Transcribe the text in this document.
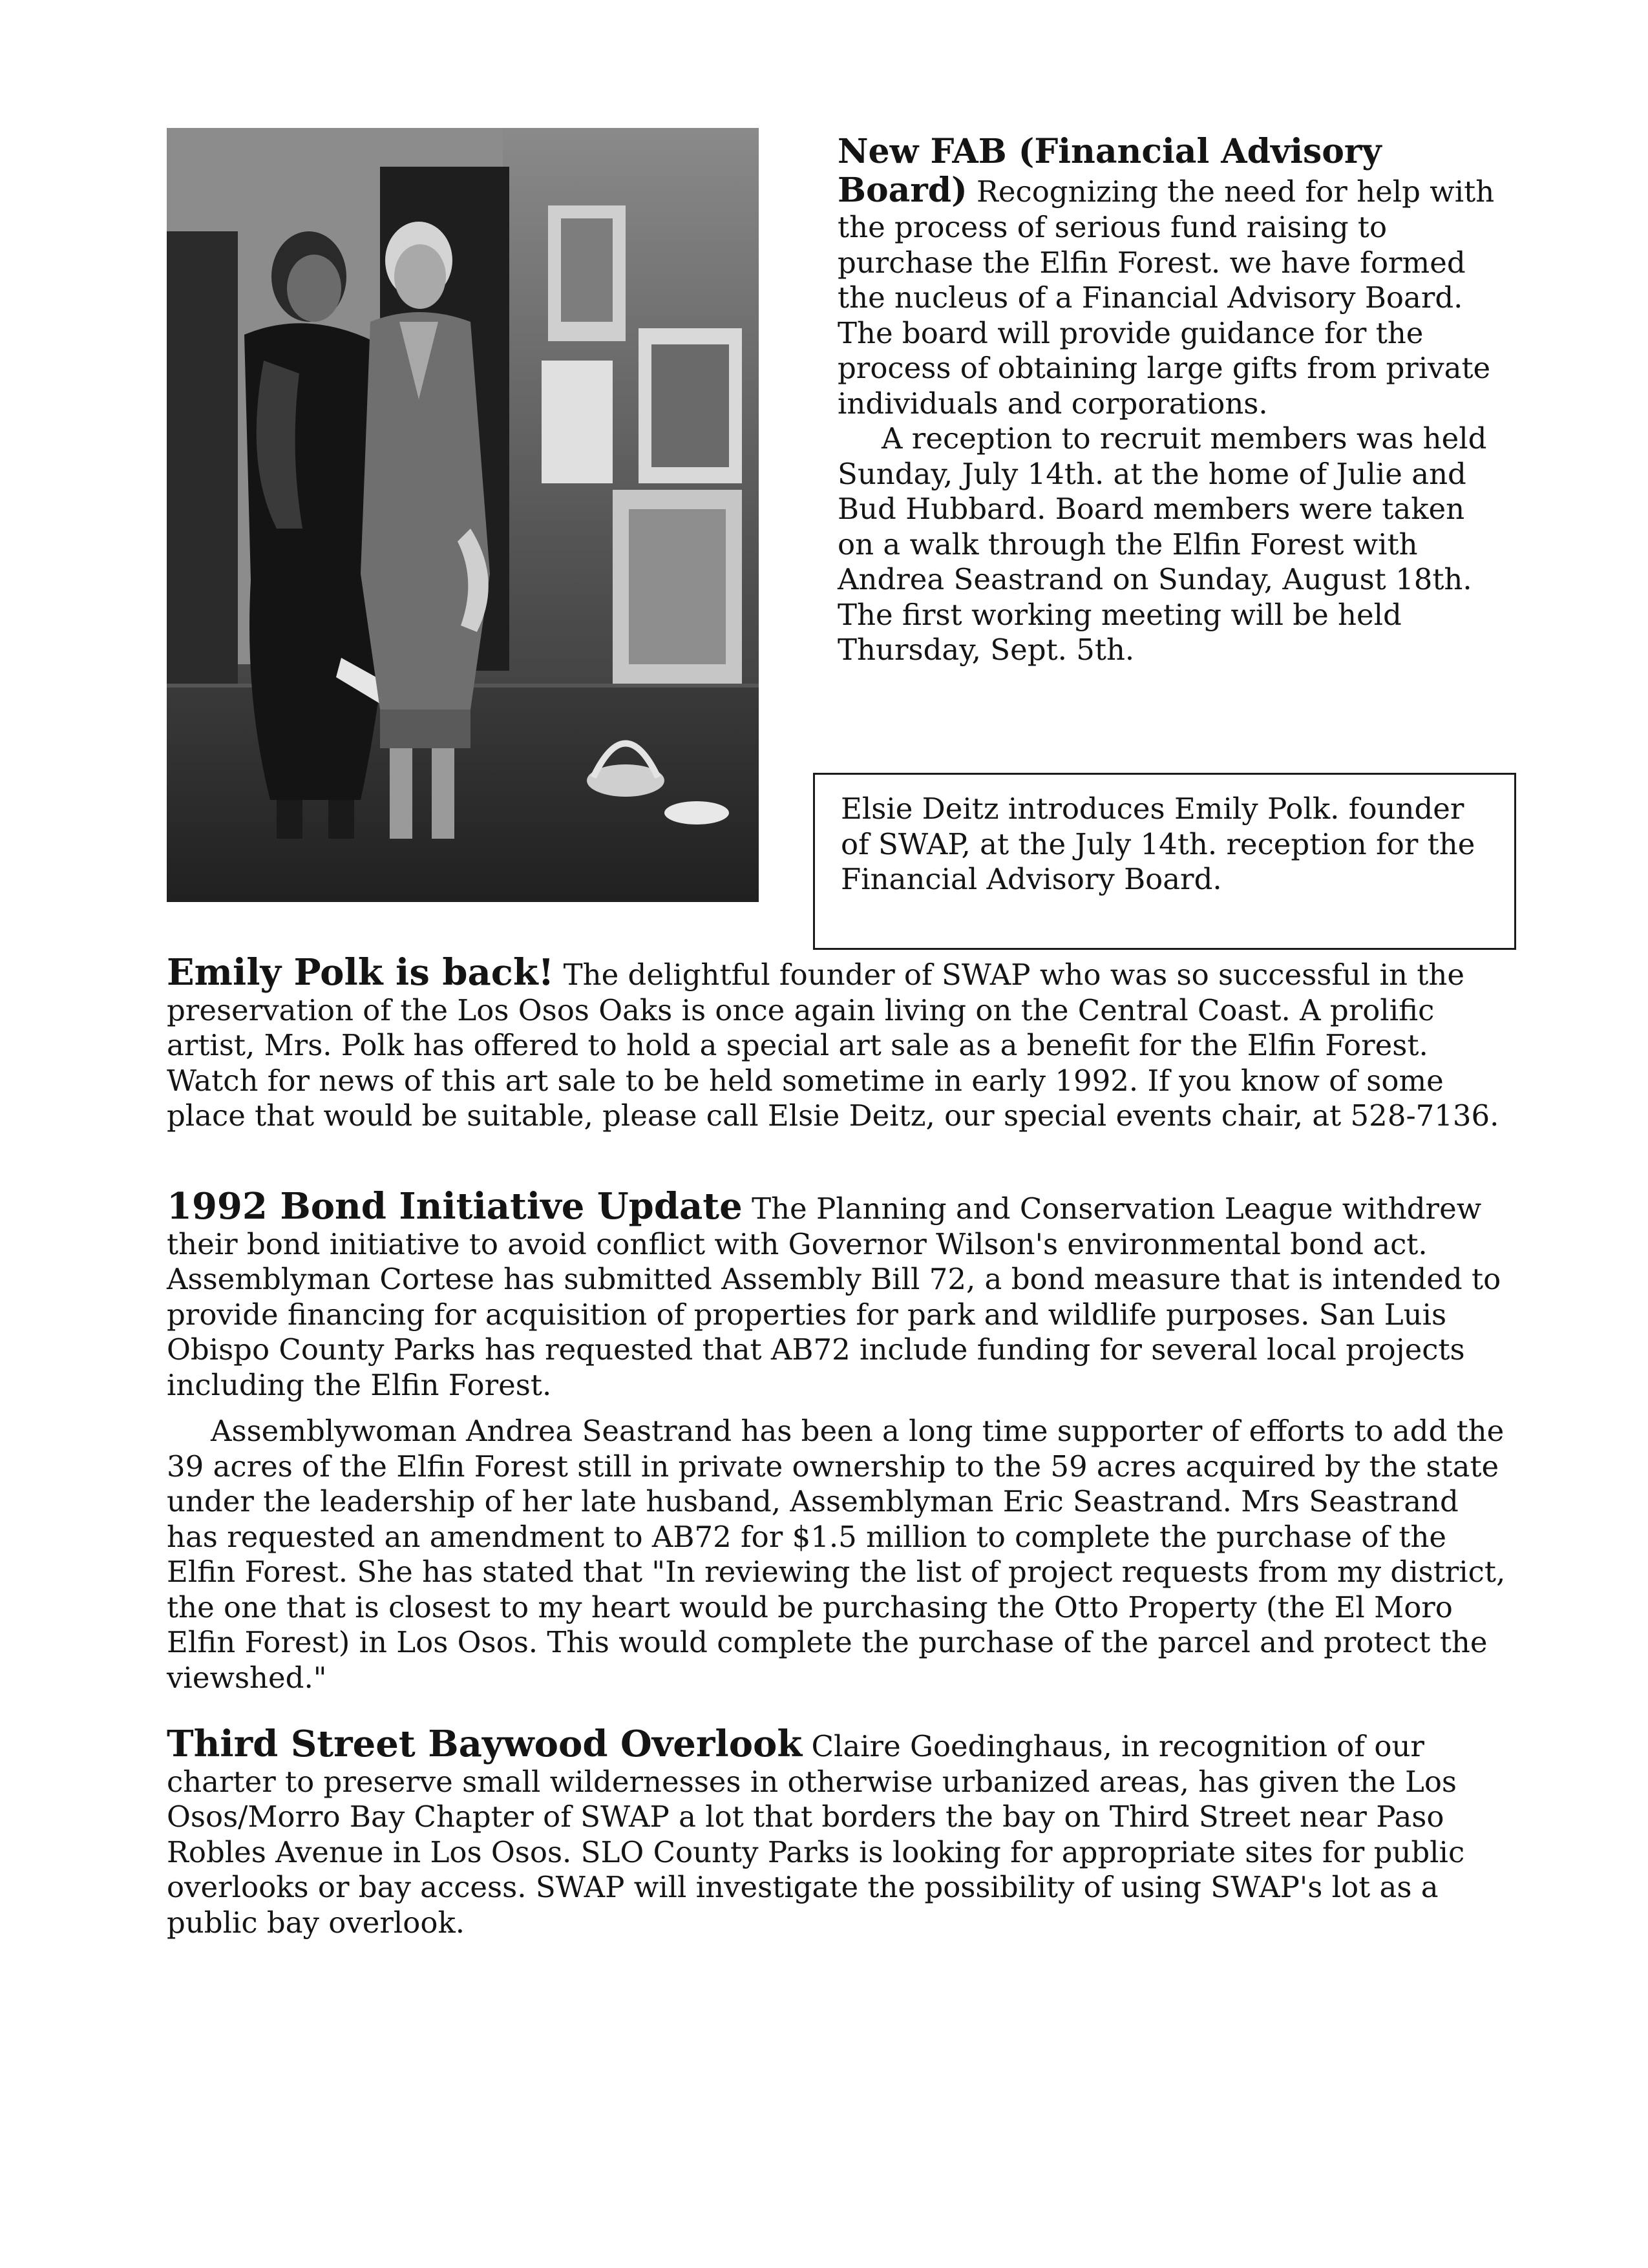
New FAB (Financial Advisory
Board) Recognizing the need for help with the process of serious fund raising to purchase the Elfin Forest. we have formed the nucleus of a Financial Advisory Board. The board will provide guidance for the process of obtaining large gifts from private individuals and corporations.
A reception to recruit members was held Sunday, July 14th. at the home of Julie and Bud Hubbard. Board members were taken on a walk through the Elfin Forest with Andrea Seastrand on Sunday, August 18th. The first working meeting will be held Thursday, Sept. 5th.

Elsie Deitz introduces Emily Polk. founder of SWAP, at the July 14th. reception for the Financial Advisory Board.

Emily Polk is back! The delightful founder of SWAP who was so successful in the preservation of the Los Osos Oaks is once again living on the Central Coast. A prolific artist, Mrs. Polk has offered to hold a special art sale as a benefit for the Elfin Forest. Watch for news of this art sale to be held sometime in early 1992. If you know of some place that would be suitable, please call Elsie Deitz, our special events chair, at 528-7136.

1992 Bond Initiative Update The Planning and Conservation League withdrew their bond initiative to avoid conflict with Governor Wilson's environmental bond act. Assemblyman Cortese has submitted Assembly Bill 72, a bond measure that is intended to provide financing for acquisition of properties for park and wildlife purposes. San Luis Obispo County Parks has requested that AB72 include funding for several local projects including the Elfin Forest.

Assemblywoman Andrea Seastrand has been a long time supporter of efforts to add the 39 acres of the Elfin Forest still in private ownership to the 59 acres acquired by the state under the leadership of her late husband, Assemblyman Eric Seastrand. Mrs Seastrand has requested an amendment to AB72 for $1.5 million to complete the purchase of the Elfin Forest. She has stated that "In reviewing the list of project requests from my district, the one that is closest to my heart would be purchasing the Otto Property (the El Moro Elfin Forest) in Los Osos. This would complete the purchase of the parcel and protect the viewshed."

Third Street Baywood Overlook Claire Goedinghaus, in recognition of our charter to preserve small wildernesses in otherwise urbanized areas, has given the Los Osos/Morro Bay Chapter of SWAP a lot that borders the bay on Third Street near Paso Robles Avenue in Los Osos. SLO County Parks is looking for appropriate sites for public overlooks or bay access. SWAP will investigate the possibility of using SWAP's lot as a public bay overlook.
